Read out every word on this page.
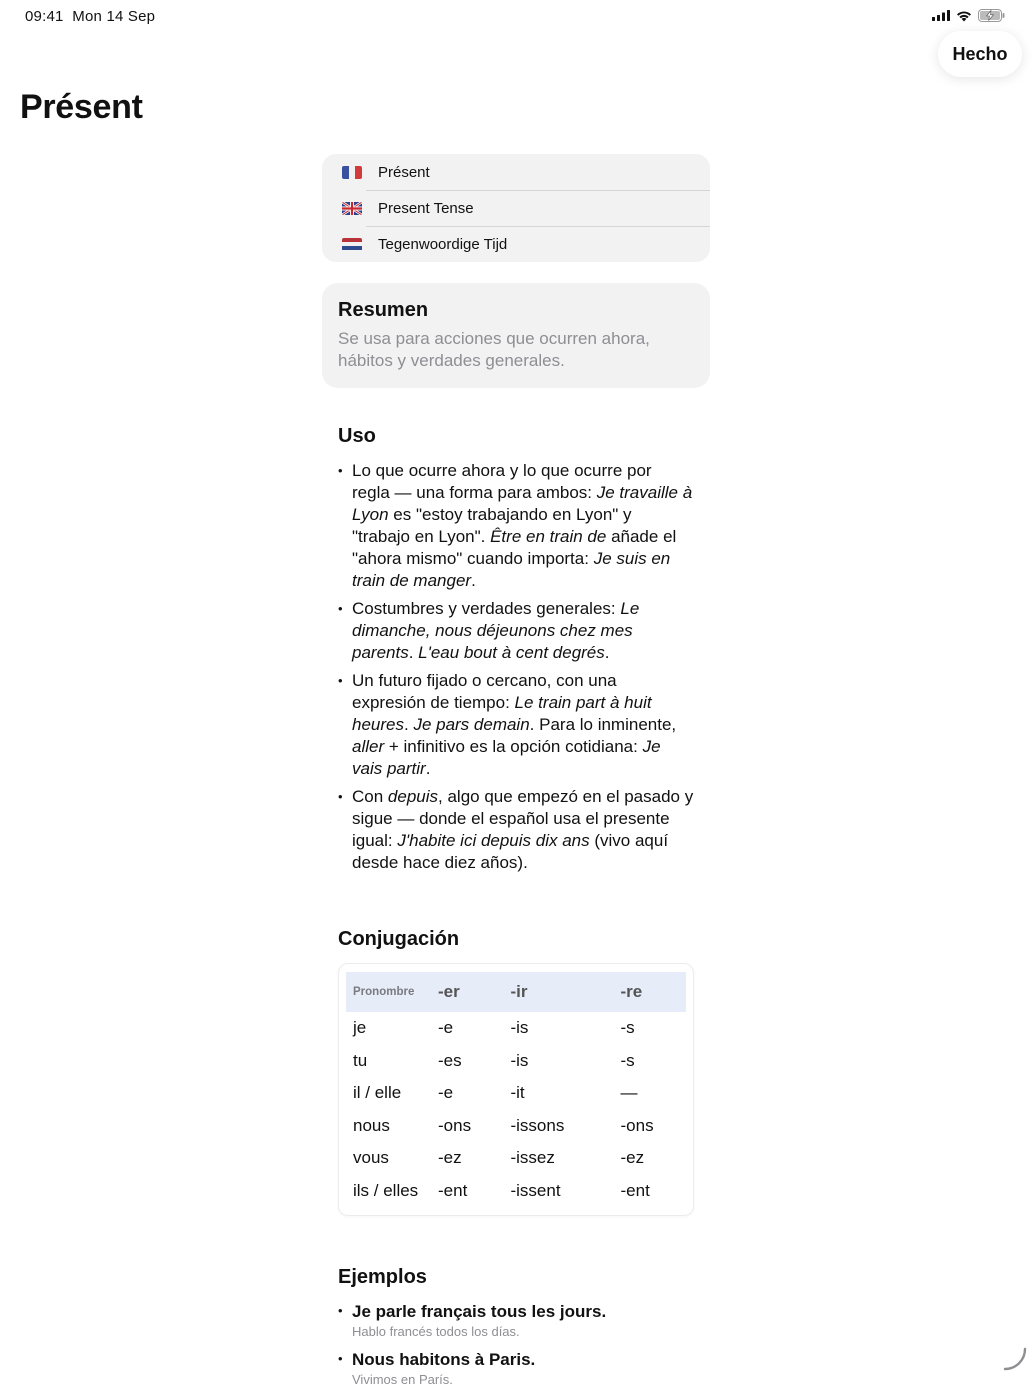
09:41 Mon 14 Sep
Hecho
Présent
Présent
Present Tense
Tegenwoordige Tijd
Resumen
Se usa para acciones que ocurren ahora, hábitos y verdades generales.
Uso
• Lo que ocurre ahora y lo que ocurre por regla — una forma para ambos: Je travaille à Lyon es "estoy trabajando en Lyon" y "trabajo en Lyon". Être en train de añade el "ahora mismo" cuando importa: Je suis en train de manger.
• Costumbres y verdades generales: Le dimanche, nous déjeunons chez mes parents. L'eau bout à cent degrés.
• Un futuro fijado o cercano, con una expresión de tiempo: Le train part à huit heures. Je pars demain. Para lo inminente, aller + infinitivo es la opción cotidiana: Je vais partir.
• Con depuis, algo que empezó en el pasado y sigue — donde el español usa el presente igual: J'habite ici depuis dix ans (vivo aquí desde hace diez años).
Conjugación
Pronombre	-er	-ir	-re
je	-e	-is	-s
tu	-es	-is	-s
il / elle	-e	-it	—
nous	-ons	-issons	-ons
vous	-ez	-issez	-ez
ils / elles	-ent	-issent	-ent
Ejemplos
• Je parle français tous les jours.
Hablo francés todos los días.
• Nous habitons à Paris.
Vivimos en París.
